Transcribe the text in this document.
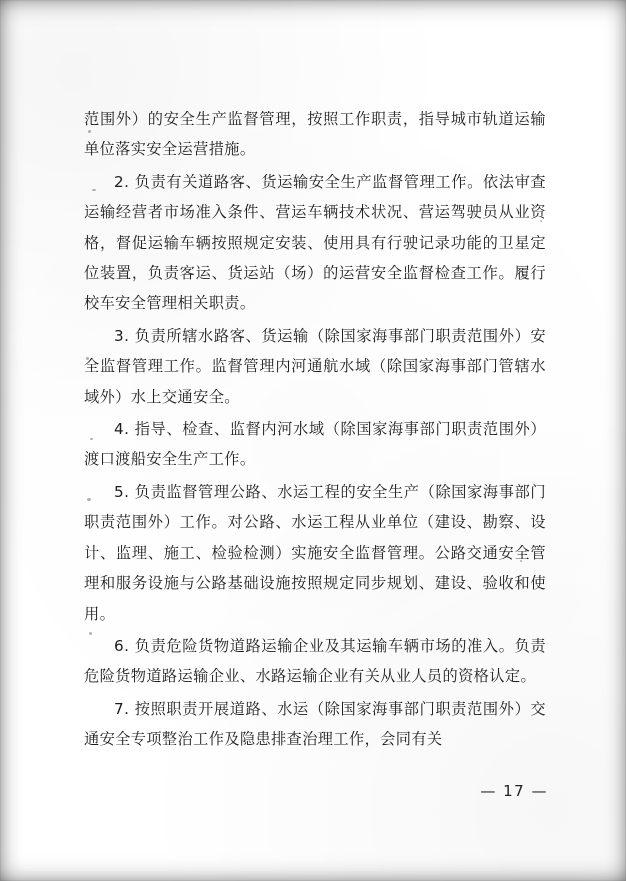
范围外）的安全生产监督管理，按照工作职责，指导城市轨道运输单位落实安全运营措施。

2. 负责有关道路客、货运输安全生产监督管理工作。依法审查运输经营者市场准入条件、营运车辆技术状况、营运驾驶员从业资格，督促运输车辆按照规定安装、使用具有行驶记录功能的卫星定位装置，负责客运、货运站（场）的运营安全监督检查工作。履行校车安全管理相关职责。

3. 负责所辖水路客、货运输（除国家海事部门职责范围外）安全监督管理工作。监督管理内河通航水域（除国家海事部门管辖水域外）水上交通安全。

4. 指导、检查、监督内河水域（除国家海事部门职责范围外）渡口渡船安全生产工作。

5. 负责监督管理公路、水运工程的安全生产（除国家海事部门职责范围外）工作。对公路、水运工程从业单位（建设、勘察、设计、监理、施工、检验检测）实施安全监督管理。公路交通安全管理和服务设施与公路基础设施按照规定同步规划、建设、验收和使用。

6. 负责危险货物道路运输企业及其运输车辆市场的准入。负责危险货物道路运输企业、水路运输企业有关从业人员的资格认定。

7. 按照职责开展道路、水运（除国家海事部门职责范围外）交通安全专项整治工作及隐患排查治理工作，会同有关

— 17 —
